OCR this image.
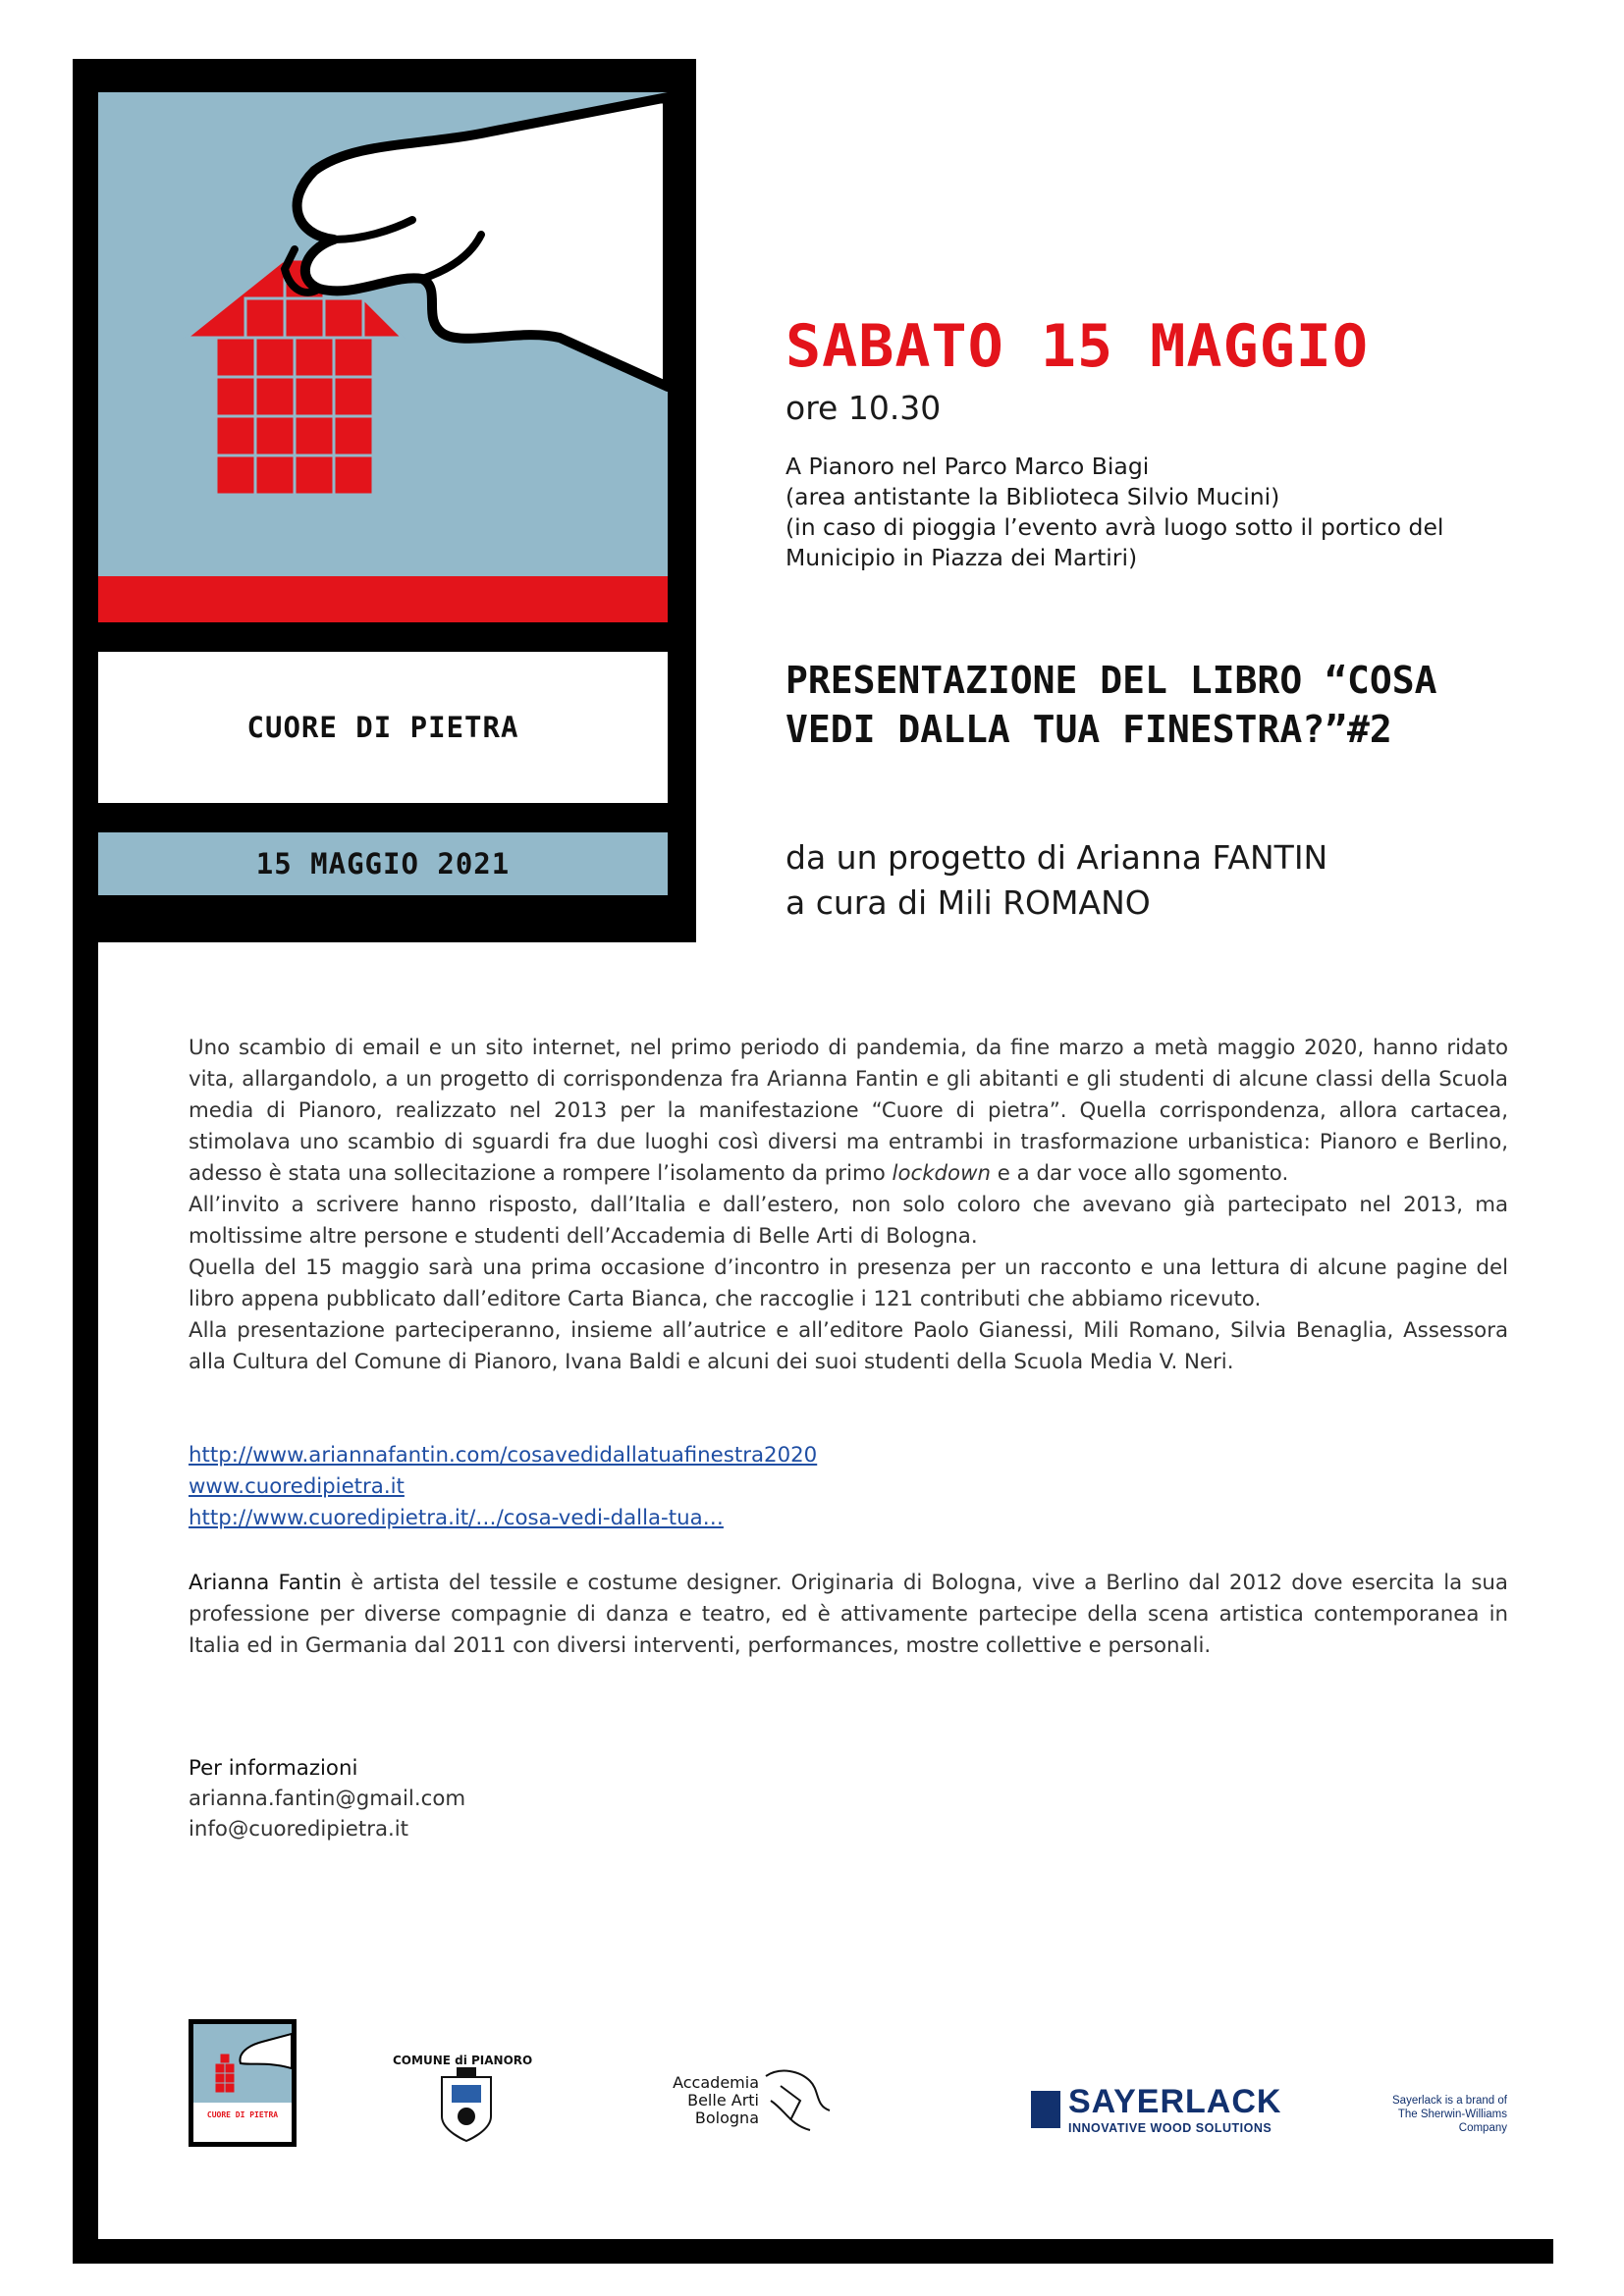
CUORE DI PIETRA
15 MAGGIO 2021
SABATO 15 MAGGIO
ore 10.30
A Pianoro nel Parco Marco Biagi
(area antistante la Biblioteca Silvio Mucini)
(in caso di pioggia l’evento avrà luogo sotto il portico del
Municipio in Piazza dei Martiri)
PRESENTAZIONE DEL LIBRO “COSA VEDI DALLA TUA FINESTRA?”#2
da un progetto di Arianna FANTIN
a cura di Mili ROMANO

Uno scambio di email e un sito internet, nel primo periodo di pandemia, da fine marzo a metà maggio 2020, hanno ridato vita, allargandolo, a un progetto di corrispondenza fra Arianna Fantin e gli abitanti e gli studenti di alcune classi della Scuola media di Pianoro, realizzato nel 2013 per la manifestazione “Cuore di pietra”. Quella corrispondenza, allora cartacea, stimolava uno scambio di sguardi fra due luoghi così diversi ma entrambi in trasformazione urbanistica: Pianoro e Berlino, adesso è stata una sollecitazione a rompere l’isolamento da primo lockdown e a dar voce allo sgomento.

All’invito a scrivere hanno risposto, dall’Italia e dall’estero, non solo coloro che avevano già partecipato nel 2013, ma moltissime altre persone e studenti dell’Accademia di Belle Arti di Bologna.

Quella del 15 maggio sarà una prima occasione d’incontro in presenza per un racconto e una lettura di alcune pagine del libro appena pubblicato dall’editore Carta Bianca, che raccoglie i 121 contributi che abbiamo ricevuto.

Alla presentazione parteciperanno, insieme all’autrice e all’editore Paolo Gianessi, Mili Romano, Silvia Benaglia, Assessora alla Cultura del Comune di Pianoro, Ivana Baldi e alcuni dei suoi studenti della Scuola Media V. Neri.

http://www.ariannafantin.com/cosavedidallatuafinestra2020
www.cuoredipietra.it
http://www.cuoredipietra.it/…/cosa-vedi-dalla-tua…
Arianna Fantin è artista del tessile e costume designer. Originaria di Bologna, vive a Berlino dal 2012 dove esercita la sua professione per diverse compagnie di danza e teatro, ed è attivamente partecipe della scena artistica contemporanea in Italia ed in Germania dal 2011 con diversi interventi, performances, mostre collettive e personali.
Per informazioni
arianna.fantin@gmail.com
info@cuoredipietra.it
CUORE DI PIETRA
COMUNE di PIANORO
Accademia
Belle Arti
Bologna	SAYERLACK
INNOVATIVE WOOD SOLUTIONS
Sayerlack is a brand of
The Sherwin-Williams Company
